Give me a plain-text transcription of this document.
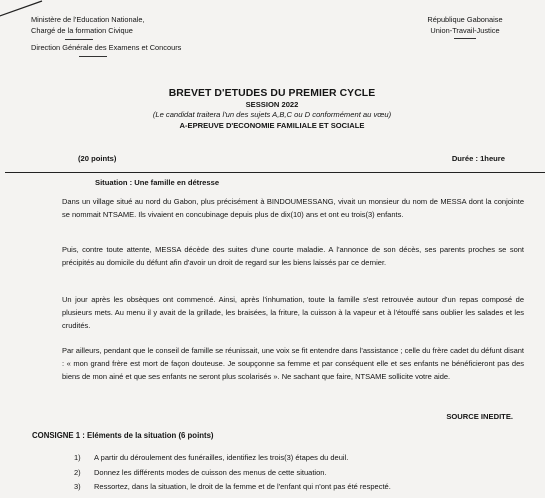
Ministère de l'Education Nationale,
Chargé de la formation Civique
Direction Générale des Examens et Concours
République Gabonaise
Union-Travail-Justice
BREVET D'ETUDES DU PREMIER CYCLE
SESSION 2022
(Le candidat traitera l'un des sujets A,B,C ou D conformément au vœu)
A-EPREUVE D'ECONOMIE FAMILIALE ET SOCIALE
(20 points)	Durée : 1heure
Situation : Une famille en détresse

Dans un village situé au nord du Gabon, plus précisément à BINDOUMESSANG, vivait un monsieur du nom de MESSA dont la conjointe se nommait NTSAME. Ils vivaient en concubinage depuis plus de dix(10) ans et ont eu trois(3) enfants.

Puis, contre toute attente, MESSA décède des suites d'une courte maladie. A l'annonce de son décès, ses parents proches se sont précipités au domicile du défunt afin d'avoir un droit de regard sur les biens laissés par ce dernier.

Un jour après les obsèques ont commencé. Ainsi, après l'inhumation, toute la famille s'est retrouvée autour d'un repas composé de plusieurs mets. Au menu il y avait de la grillade, les braisées, la friture, la cuisson à la vapeur et à l'étouffé sans oublier les salades et les crudités.

Par ailleurs, pendant que le conseil de famille se réunissait, une voix se fit entendre dans l'assistance ; celle du frère cadet du défunt disant : « mon grand frère est mort de façon douteuse. Je soupçonne sa femme et par conséquent elle et ses enfants ne bénéficieront pas des biens de mon ainé et que ses enfants ne seront plus scolarisés ». Ne sachant que faire, NTSAME sollicite votre aide.

SOURCE INEDITE.
CONSIGNE 1 : Eléments de la situation (6 points)
1) A partir du déroulement des funérailles, identifiez les trois(3) étapes du deuil.
2) Donnez les différents modes de cuisson des menus de cette situation.
3) Ressortez, dans la situation, le droit de la femme et de l'enfant qui n'ont pas été respecté.
